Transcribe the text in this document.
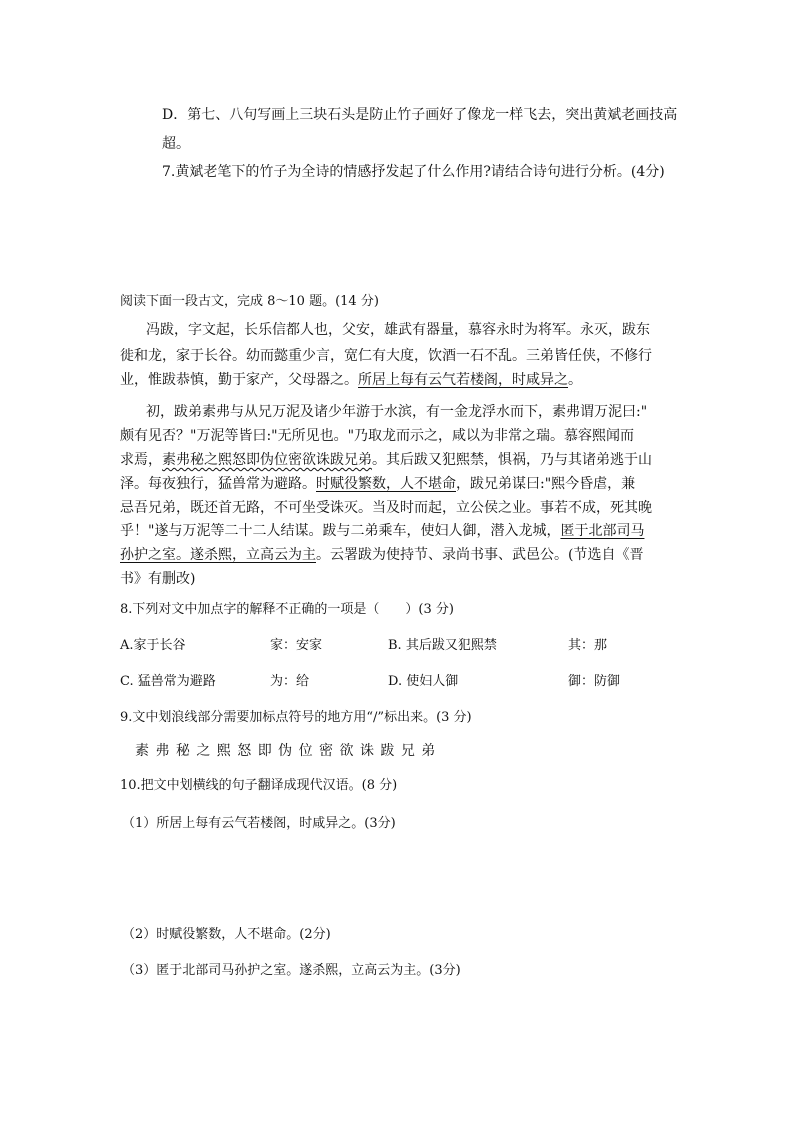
D．第七、八句写画上三块石头是防止竹子画好了像龙一样飞去，突出黄斌老画技高
超。
7.黄斌老笔下的竹子为全诗的情感抒发起了什么作用?请结合诗句进行分析。(4分)
阅读下面一段古文，完成 8～10 题。(14 分)
冯跋，字文起，长乐信都人也，父安，雄武有器量，慕容永时为将军。永灭，跋东
徙和龙，家于长谷。幼而懿重少言，宽仁有大度，饮酒一石不乱。三弟皆任侠，不修行
业，惟跋恭慎，勤于家产，父母器之。所居上每有云气若楼阁，时咸异之。
初，跋弟素弗与从兄万泥及诸少年游于水滨，有一金龙浮水而下，素弗谓万泥曰:"
颇有见否？"万泥等皆曰:"无所见也。"乃取龙而示之，咸以为非常之瑞。慕容熙闻而
求焉，素弗秘之熙怒即伪位密欲诛跋兄弟。其后跋又犯熙禁，惧祸，乃与其诸弟逃于山
泽。每夜独行，猛兽常为避路。时赋役繁数，人不堪命，跋兄弟谋曰:"熙今昏虐，兼
忌吾兄弟，既还首无路，不可坐受诛灭。当及时而起，立公侯之业。事若不成，死其晚
乎！"遂与万泥等二十二人结谋。跋与二弟乘车，使妇人御，潜入龙城，匿于北部司马
孙护之室。遂杀熙，立高云为主。云署跋为使持节、录尚书事、武邑公。(节选自《晋
书》有删改)
8.下列对文中加点字的解释不正确的一项是（　　）(3 分)
A.家于长谷	家：安家	B. 其后跋又犯熙禁	其：那
C. 猛兽常为避路	为：给	D. 使妇人御	御：防御
9.文中划浪线部分需要加标点符号的地方用“/”标出来。(3 分)
素 弗 秘 之 熙 怒 即 伪 位 密 欲 诛 跋 兄 弟
10.把文中划横线的句子翻译成现代汉语。(8 分)
（1）所居上每有云气若楼阁，时咸异之。(3分)
（2）时赋役繁数，人不堪命。(2分)
（3）匿于北部司马孙护之室。遂杀熙，立高云为主。(3分)
